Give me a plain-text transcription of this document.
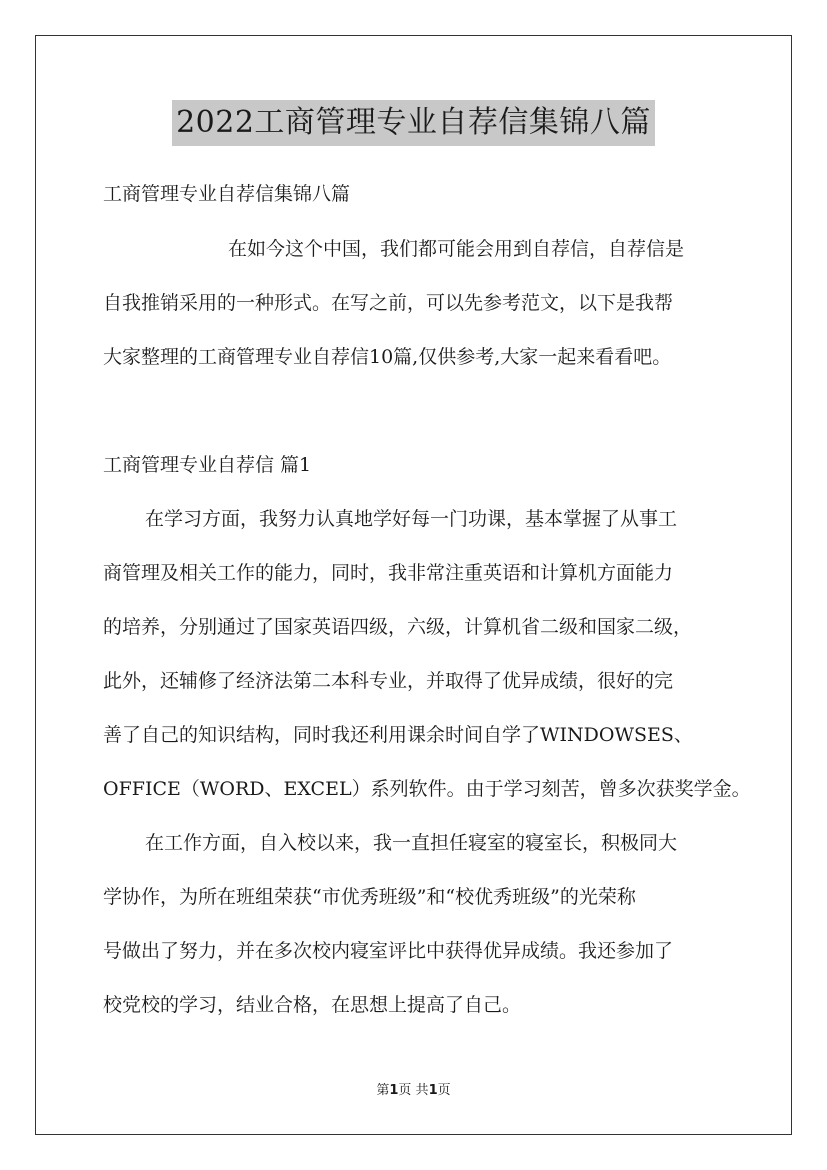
2022工商管理专业自荐信集锦八篇

工商管理专业自荐信集锦八篇

在如今这个中国，我们都可能会用到自荐信，自荐信是

自我推销采用的一种形式。在写之前，可以先参考范文，以下是我帮

大家整理的工商管理专业自荐信10篇,仅供参考,大家一起来看看吧。

工商管理专业自荐信 篇1

在学习方面，我努力认真地学好每一门功课，基本掌握了从事工

商管理及相关工作的能力，同时，我非常注重英语和计算机方面能力

的培养，分别通过了国家英语四级，六级，计算机省二级和国家二级，

此外，还辅修了经济法第二本科专业，并取得了优异成绩，很好的完

善了自己的知识结构，同时我还利用课余时间自学了WINDOWSES、

OFFICE（WORD、EXCEL）系列软件。由于学习刻苦，曾多次获奖学金。

在工作方面，自入校以来，我一直担任寝室的寝室长，积极同大

学协作，为所在班组荣获“市优秀班级”和“校优秀班级”的光荣称

号做出了努力，并在多次校内寝室评比中获得优异成绩。我还参加了

校党校的学习，结业合格，在思想上提高了自己。

第1页 共1页
